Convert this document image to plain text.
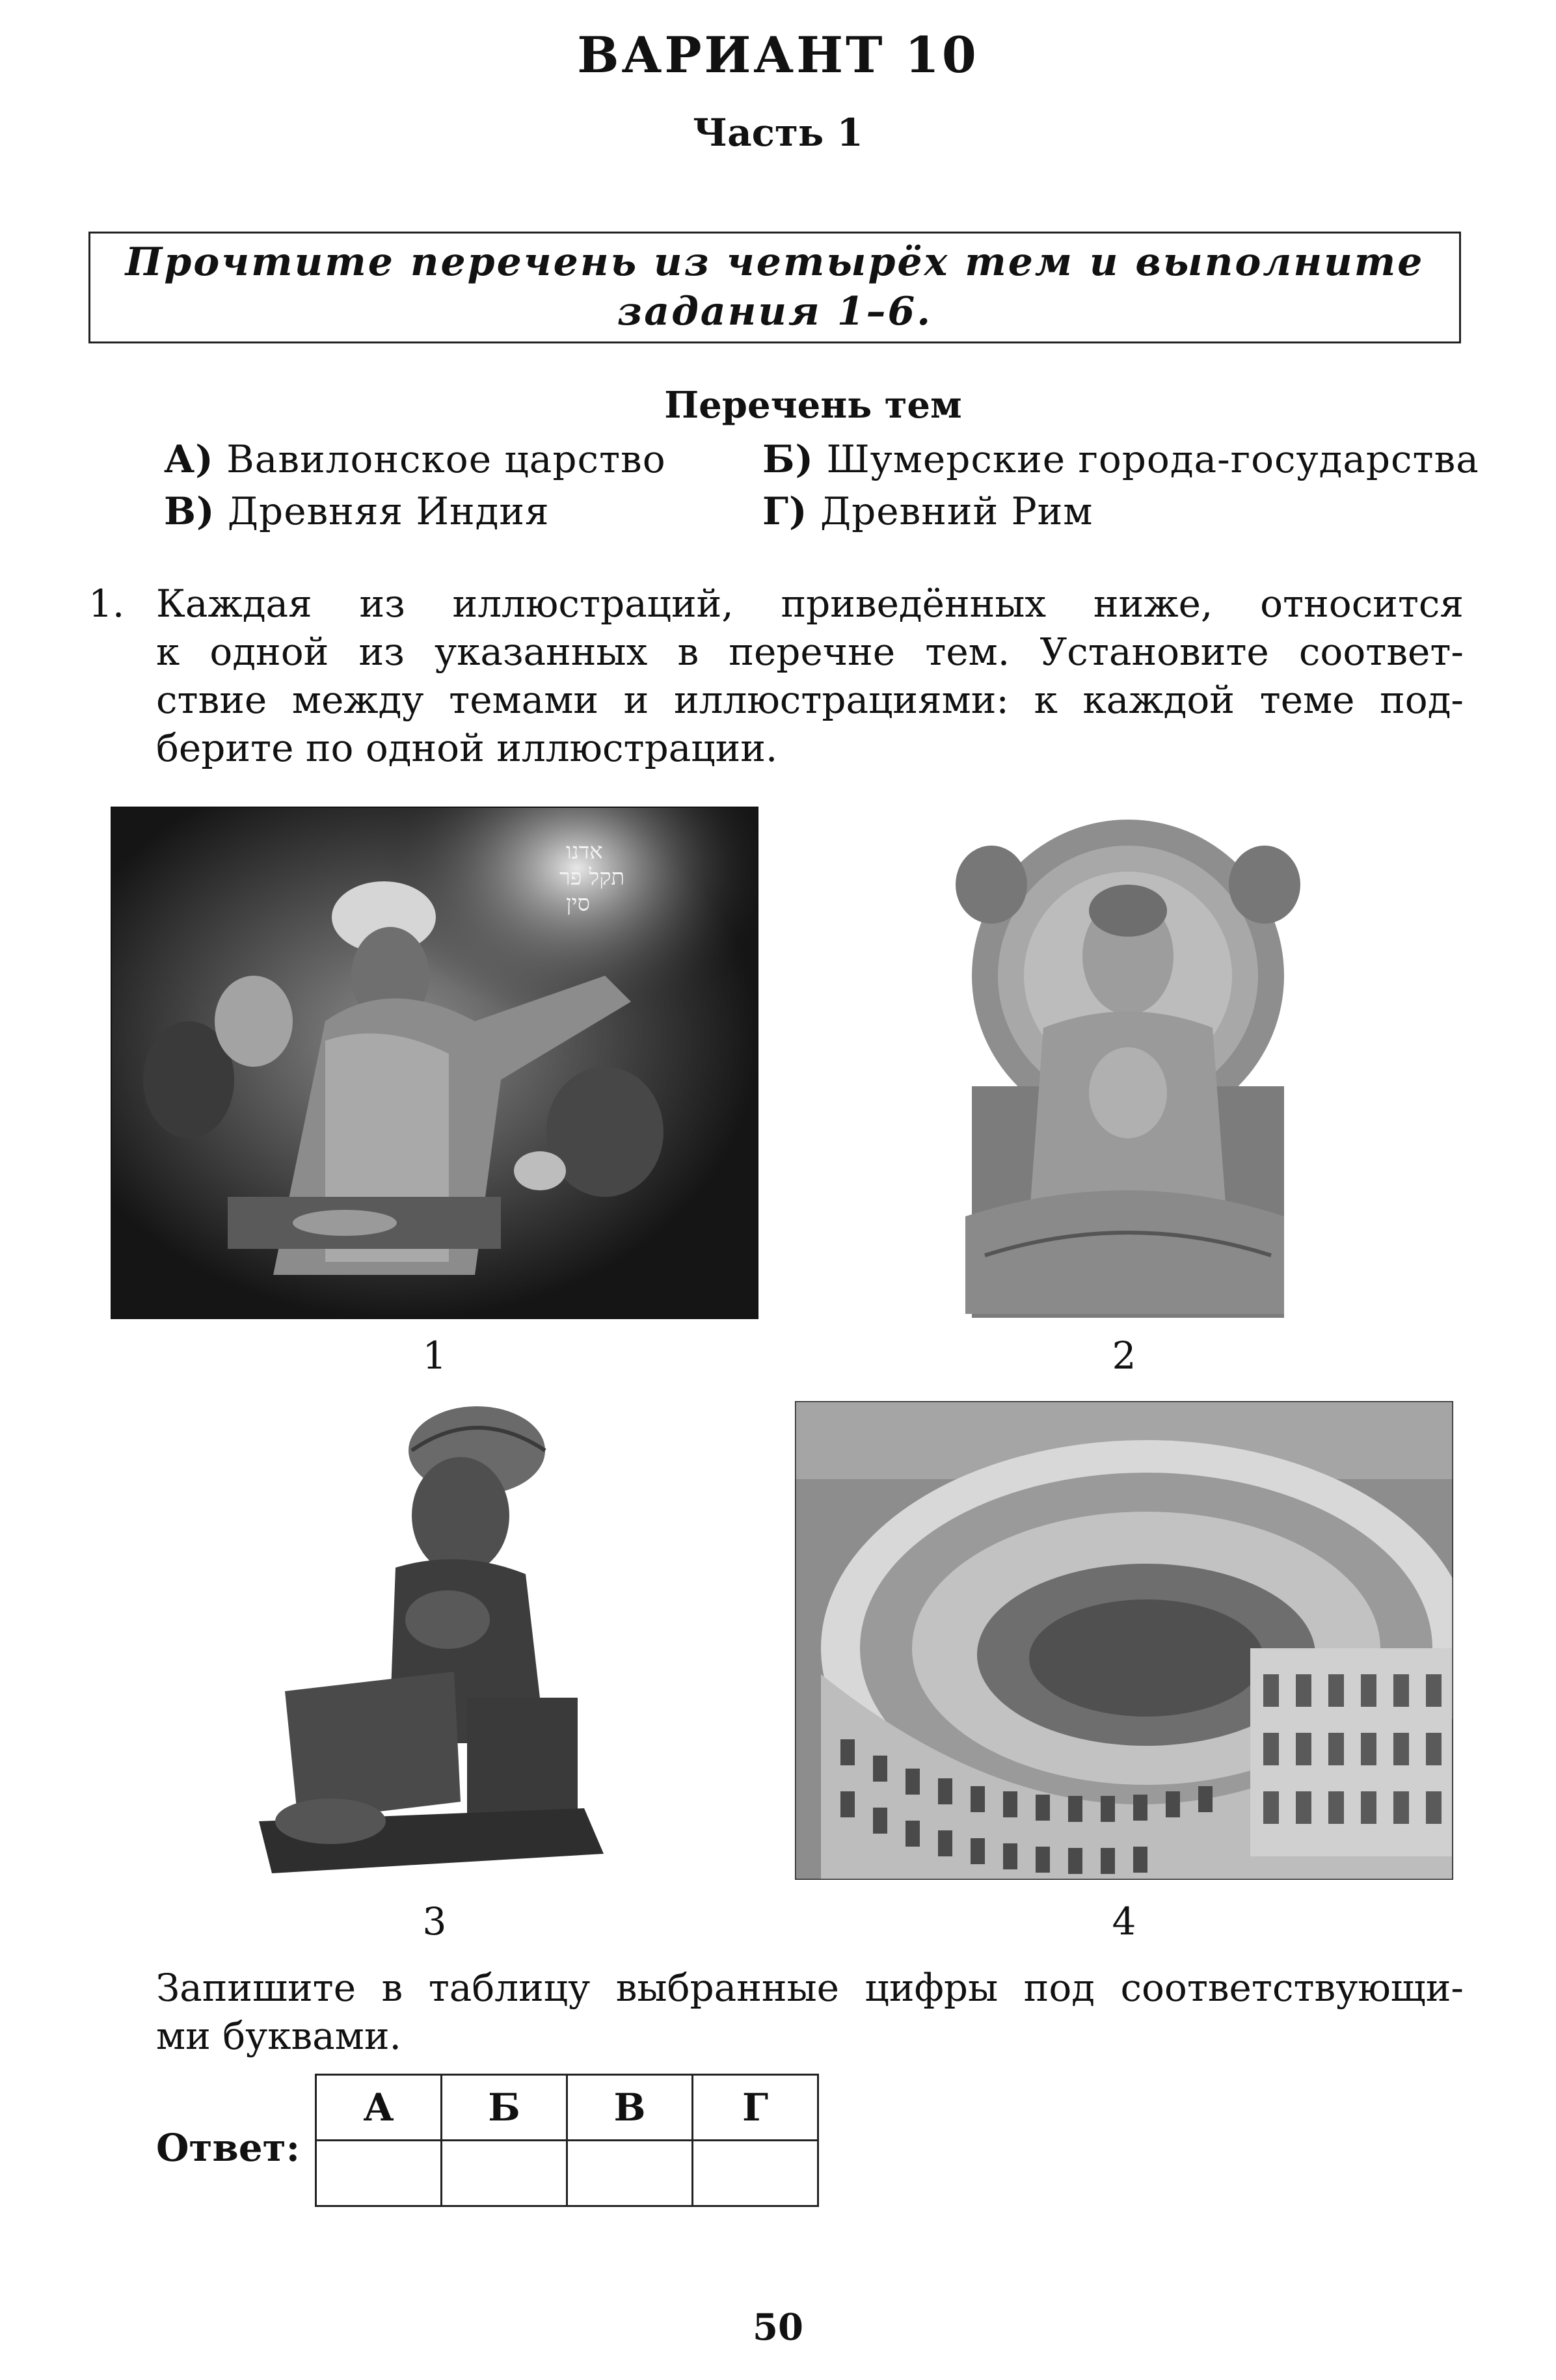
ВАРИАНТ 10
Часть 1
Прочтите перечень из четырёх тем и выполните
задания 1–6.
Перечень тем
А) Вавилонское царство	Б) Шумерские города-государства
В) Древняя Индия	Г) Древний Рим
1. Каждая из иллюстраций, приведённых ниже, относится
к одной из указанных в перечне тем. Установите соответ-
ствие между темами и иллюстрациями: к каждой теме под-
берите по одной иллюстрации.
אדנו
תקל פר
סין
1	2
3	4
Запишите в таблицу выбранные цифры под соответствующи-
ми буквами.
Ответ:
А	Б	В	Г

50
